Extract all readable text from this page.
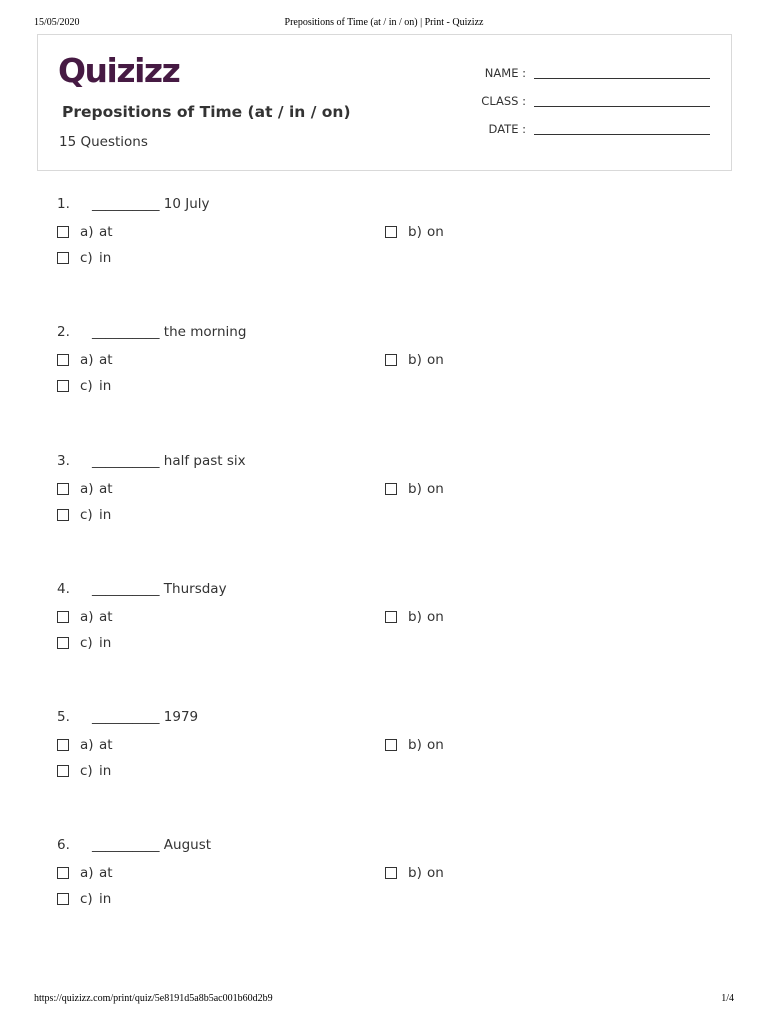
15/05/2020	Prepositions of Time (at / in / on) | Print - Quizizz
Quizizz
Prepositions of Time (at / in / on)
15 Questions
NAME :
CLASS :
DATE :
1. __________ 10 July
a) at	b) on
c) in
2. __________ the morning
a) at	b) on
c) in
3. __________ half past six
a) at	b) on
c) in
4. __________ Thursday
a) at	b) on
c) in
5. __________ 1979
a) at	b) on
c) in
6. __________ August
a) at	b) on
c) in
https://quizizz.com/print/quiz/5e8191d5a8b5ac001b60d2b9	1/4
